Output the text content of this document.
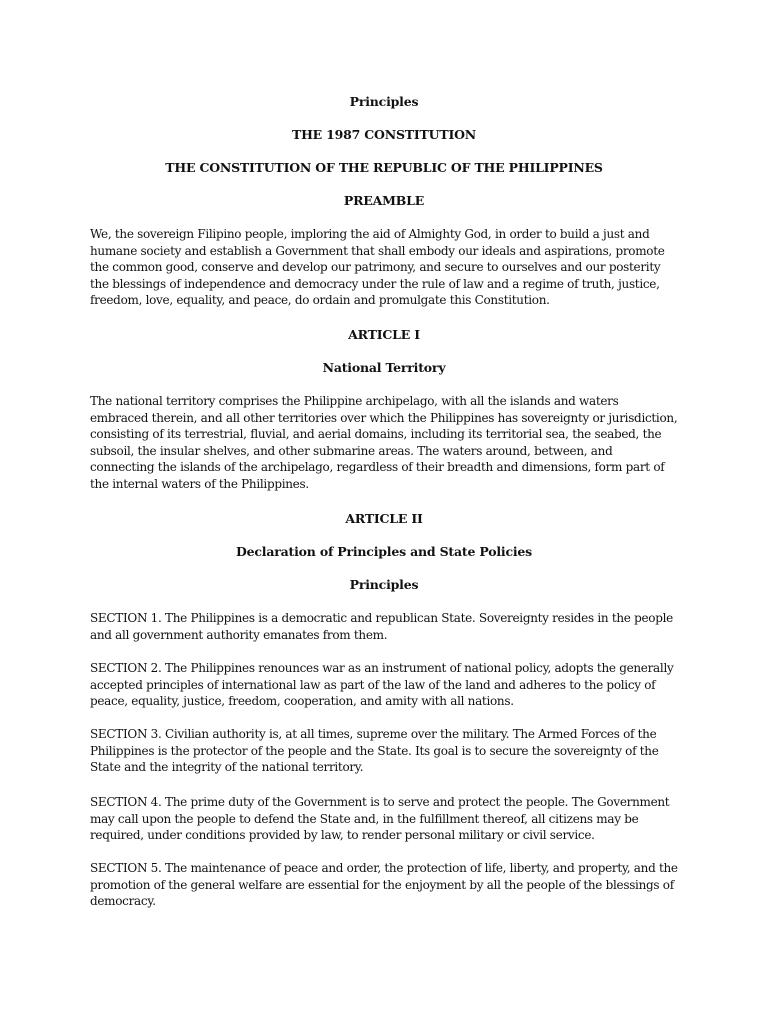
Principles
THE 1987 CONSTITUTION
THE CONSTITUTION OF THE REPUBLIC OF THE PHILIPPINES
PREAMBLE

We, the sovereign Filipino people, imploring the aid of Almighty God, in order to build a just and humane society and establish a Government that shall embody our ideals and aspirations, promote the common good, conserve and develop our patrimony, and secure to ourselves and our posterity the blessings of independence and democracy under the rule of law and a regime of truth, justice, freedom, love, equality, and peace, do ordain and promulgate this Constitution.

ARTICLE I
National Territory

The national territory comprises the Philippine archipelago, with all the islands and waters embraced therein, and all other territories over which the Philippines has sovereignty or jurisdiction, consisting of its terrestrial, fluvial, and aerial domains, including its territorial sea, the seabed, the subsoil, the insular shelves, and other submarine areas. The waters around, between, and connecting the islands of the archipelago, regardless of their breadth and dimensions, form part of the internal waters of the Philippines.

ARTICLE II
Declaration of Principles and State Policies
Principles

SECTION 1. The Philippines is a democratic and republican State. Sovereignty resides in the people and all government authority emanates from them.

SECTION 2. The Philippines renounces war as an instrument of national policy, adopts the generally accepted principles of international law as part of the law of the land and adheres to the policy of peace, equality, justice, freedom, cooperation, and amity with all nations.

SECTION 3. Civilian authority is, at all times, supreme over the military. The Armed Forces of the Philippines is the protector of the people and the State. Its goal is to secure the sovereignty of the State and the integrity of the national territory.

SECTION 4. The prime duty of the Government is to serve and protect the people. The Government may call upon the people to defend the State and, in the fulfillment thereof, all citizens may be required, under conditions provided by law, to render personal military or civil service.

SECTION 5. The maintenance of peace and order, the protection of life, liberty, and property, and the promotion of the general welfare are essential for the enjoyment by all the people of the blessings of democracy.
